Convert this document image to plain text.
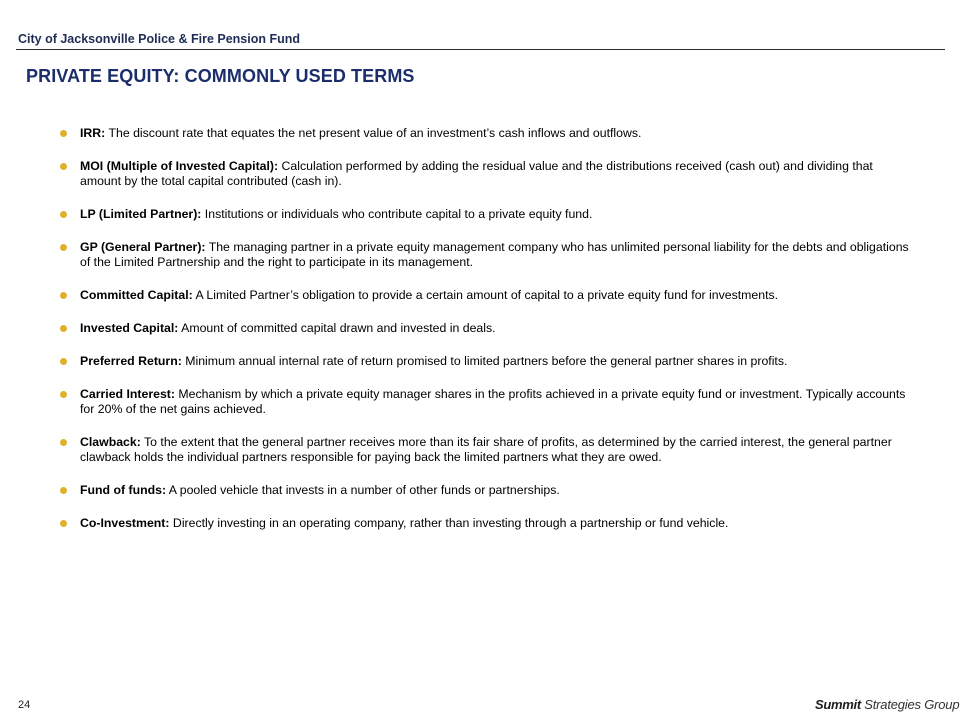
City of Jacksonville Police & Fire Pension Fund
PRIVATE EQUITY: COMMONLY USED TERMS
IRR: The discount rate that equates the net present value of an investment’s cash inflows and outflows.
MOI (Multiple of Invested Capital): Calculation performed by adding the residual value and the distributions received (cash out) and dividing that amount by the total capital contributed (cash in).
LP (Limited Partner): Institutions or individuals who contribute capital to a private equity fund.
GP (General Partner): The managing partner in a private equity management company who has unlimited personal liability for the debts and obligations of the Limited Partnership and the right to participate in its management.
Committed Capital: A Limited Partner’s obligation to provide a certain amount of capital to a private equity fund for investments.
Invested Capital: Amount of committed capital drawn and invested in deals.
Preferred Return: Minimum annual internal rate of return promised to limited partners before the general partner shares in profits.
Carried Interest: Mechanism by which a private equity manager shares in the profits achieved in a private equity fund or investment. Typically accounts for 20% of the net gains achieved.
Clawback: To the extent that the general partner receives more than its fair share of profits, as determined by the carried interest, the general partner clawback holds the individual partners responsible for paying back the limited partners what they are owed.
Fund of funds: A pooled vehicle that invests in a number of other funds or partnerships.
Co-Investment: Directly investing in an operating company, rather than investing through a partnership or fund vehicle.
24	Summit Strategies Group
